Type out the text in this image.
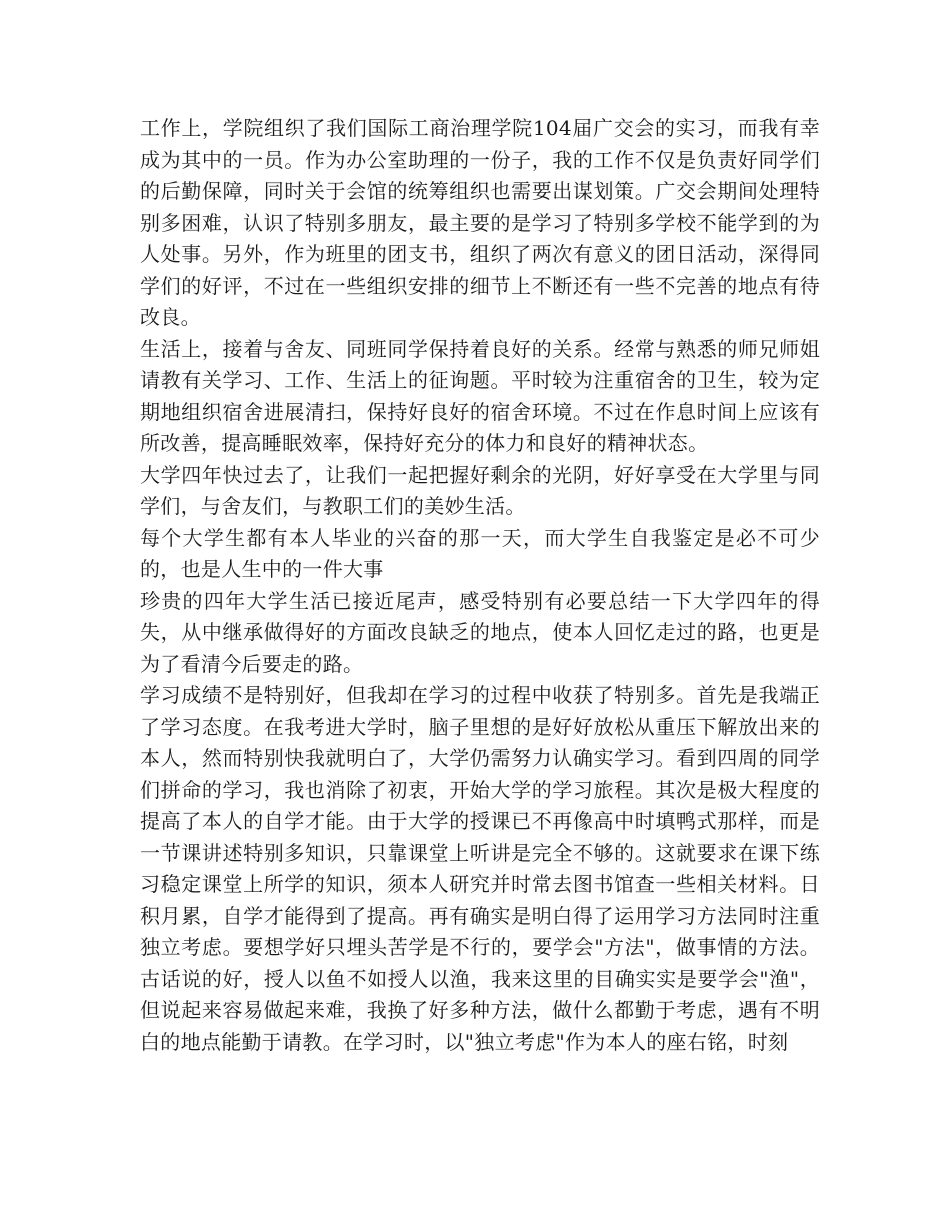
工作上，学院组织了我们国际工商治理学院104届广交会的实习，而我有幸成为其中的一员。作为办公室助理的一份子，我的工作不仅是负责好同学们的后勤保障，同时关于会馆的统筹组织也需要出谋划策。广交会期间处理特别多困难，认识了特别多朋友，最主要的是学习了特别多学校不能学到的为人处事。另外，作为班里的团支书，组织了两次有意义的团日活动，深得同学们的好评，不过在一些组织安排的细节上不断还有一些不完善的地点有待改良。

生活上，接着与舍友、同班同学保持着良好的关系。经常与熟悉的师兄师姐请教有关学习、工作、生活上的征询题。平时较为注重宿舍的卫生，较为定期地组织宿舍进展清扫，保持好良好的宿舍环境。不过在作息时间上应该有所改善，提高睡眠效率，保持好充分的体力和良好的精神状态。

大学四年快过去了，让我们一起把握好剩余的光阴，好好享受在大学里与同学们，与舍友们，与教职工们的美妙生活。

每个大学生都有本人毕业的兴奋的那一天，而大学生自我鉴定是必不可少的，也是人生中的一件大事

珍贵的四年大学生活已接近尾声，感受特别有必要总结一下大学四年的得失，从中继承做得好的方面改良缺乏的地点，使本人回忆走过的路，也更是为了看清今后要走的路。

学习成绩不是特别好，但我却在学习的过程中收获了特别多。首先是我端正了学习态度。在我考进大学时，脑子里想的是好好放松从重压下解放出来的本人，然而特别快我就明白了，大学仍需努力认确实学习。看到四周的同学们拼命的学习，我也消除了初衷，开始大学的学习旅程。其次是极大程度的提高了本人的自学才能。由于大学的授课已不再像高中时填鸭式那样，而是一节课讲述特别多知识，只靠课堂上听讲是完全不够的。这就要求在课下练习稳定课堂上所学的知识，须本人研究并时常去图书馆查一些相关材料。日积月累，自学才能得到了提高。再有确实是明白得了运用学习方法同时注重独立考虑。要想学好只埋头苦学是不行的，要学会"方法"，做事情的方法。古话说的好，授人以鱼不如授人以渔，我来这里的目确实实是要学会"渔"，但说起来容易做起来难，我换了好多种方法，做什么都勤于考虑，遇有不明白的地点能勤于请教。在学习时，以"独立考虑"作为本人的座右铭，时刻
